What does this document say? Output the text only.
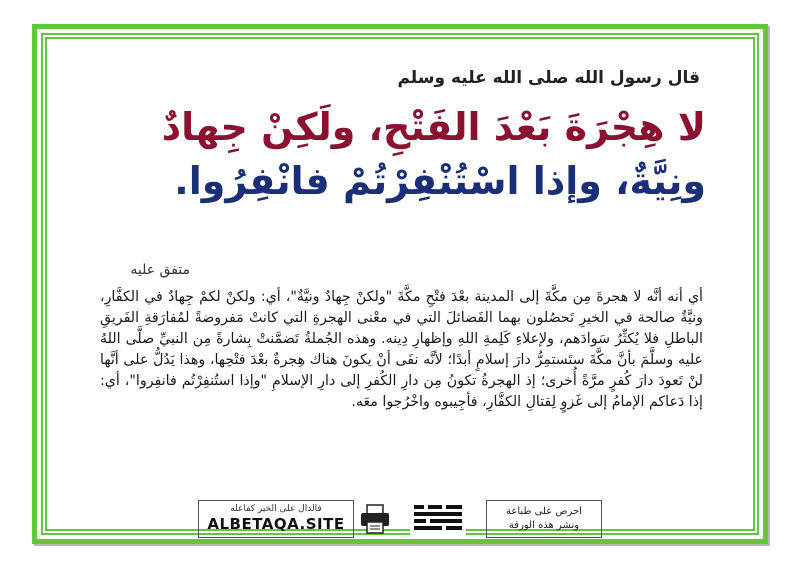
قال رسول الله صلى الله عليه وسلم
لا هِجْرَةَ بَعْدَ الفَتْحِ، ولَكِنْ جِهادٌ
ونِيَّةٌ، وإذا اسْتُنْفِرْتُمْ فانْفِرُوا.
متفق عليه
أي أنه أنَّه لا هجرةَ مِن مكَّةَ إلى المدينة بعْدَ فتْحِ مكَّةَ "ولكنْ جِهادٌ ونيَّةٌ"، أي: ولكنْ لكمْ جِهادٌ في الكفَّارِ، ونيَّةٌ صالحة في الخيرِ تَحصُلون بهما الفَضائلَ التي في معْنى الهجرةِ التي كانتْ مَفروضةً لمُفارَقةِ الفَريقِ الباطلِ فلا يُكثِّرُ سَوادَهم، ولإعلاءِ كَلِمةِ اللهِ وإظهارِ دِينه. وهذه الجُملةُ تَضمَّنتْ بِشارةً مِن النبيِّ صلَّى اللهُ عليه وسلَّمَ بأنَّ مكَّةَ ستَستمِرُّ دارَ إسلامٍ أبدًا؛ لأنَّه نفَى أنْ يكونَ هناك هِجرةٌ بعْدَ فتْحِها، وهذا يَدُلُّ على أنَّها لنْ تَعودَ دارَ كُفرٍ مرَّةً أُخرى؛ إذ الهجرةُ تكونُ مِن دارِ الكُفرِ إلى دارِ الإسلامِ "وإذا استُنفِرْتُم فانفِروا"، أي: إذا دَعاكم الإمامُ إلى غَزوٍ لِقتالِ الكفَّارِ، فأجِيبوه واخْرُجوا معَه.
فالدال على الخير كفاعله
ALBETAQA.SITE
احرص على طباعة
ونشر هذه الورقة
